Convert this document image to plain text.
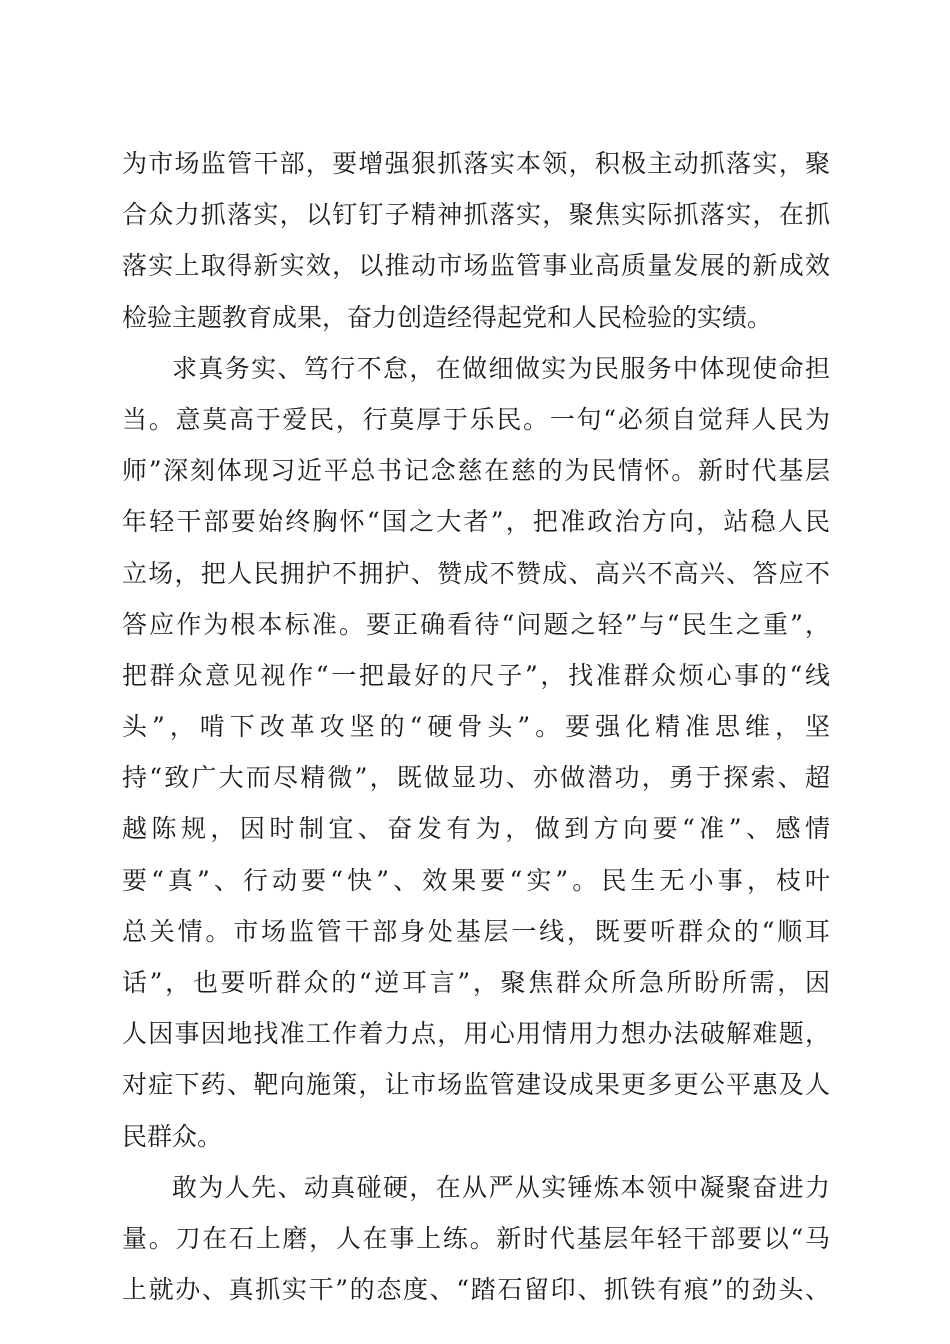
为市场监管干部，要增强狠抓落实本领，积极主动抓落实，聚
合众力抓落实，以钉钉子精神抓落实，聚焦实际抓落实，在抓
落实上取得新实效，以推动市场监管事业高质量发展的新成效
检验主题教育成果，奋力创造经得起党和人民检验的实绩。
求真务实、笃行不怠，在做细做实为民服务中体现使命担
当。意莫高于爱民，行莫厚于乐民。一句“必须自觉拜人民为
师”深刻体现习近平总书记念慈在慈的为民情怀。新时代基层
年轻干部要始终胸怀“国之大者”，把准政治方向，站稳人民
立场，把人民拥护不拥护、赞成不赞成、高兴不高兴、答应不
答应作为根本标准。要正确看待“问题之轻”与“民生之重”，
把群众意见视作“一把最好的尺子”，找准群众烦心事的“线
头”，啃下改革攻坚的“硬骨头”。要强化精准思维，坚
持“致广大而尽精微”，既做显功、亦做潜功，勇于探索、超
越陈规，因时制宜、奋发有为，做到方向要“准”、感情
要“真”、行动要“快”、效果要“实”。民生无小事，枝叶
总关情。市场监管干部身处基层一线，既要听群众的“顺耳
话”，也要听群众的“逆耳言”，聚焦群众所急所盼所需，因
人因事因地找准工作着力点，用心用情用力想办法破解难题，
对症下药、靶向施策，让市场监管建设成果更多更公平惠及人
民群众。
敢为人先、动真碰硬，在从严从实锤炼本领中凝聚奋进力
量。刀在石上磨，人在事上练。新时代基层年轻干部要以“马
上就办、真抓实干”的态度、“踏石留印、抓铁有痕”的劲头、
